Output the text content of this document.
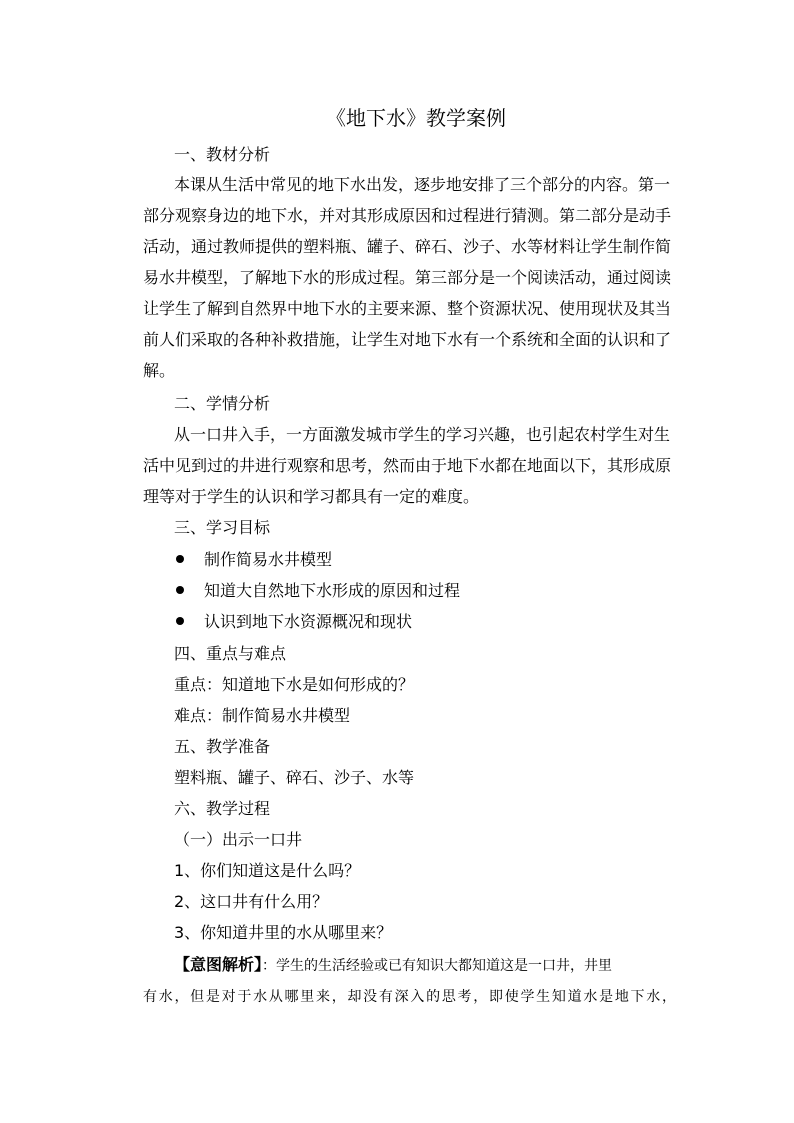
《地下水》教学案例
一、教材分析
本课从生活中常见的地下水出发，逐步地安排了三个部分的内容。第一
部分观察身边的地下水，并对其形成原因和过程进行猜测。第二部分是动手
活动，通过教师提供的塑料瓶、罐子、碎石、沙子、水等材料让学生制作简
易水井模型，了解地下水的形成过程。第三部分是一个阅读活动，通过阅读
让学生了解到自然界中地下水的主要来源、整个资源状况、使用现状及其当
前人们采取的各种补救措施，让学生对地下水有一个系统和全面的认识和了
解。
二、学情分析
从一口井入手，一方面激发城市学生的学习兴趣，也引起农村学生对生
活中见到过的井进行观察和思考，然而由于地下水都在地面以下，其形成原
理等对于学生的认识和学习都具有一定的难度。
三、学习目标
制作简易水井模型
知道大自然地下水形成的原因和过程
认识到地下水资源概况和现状
四、重点与难点
重点：知道地下水是如何形成的？
难点：制作简易水井模型
五、教学准备
塑料瓶、罐子、碎石、沙子、水等
六、教学过程
（一）出示一口井
1、你们知道这是什么吗？
2、这口井有什么用？
3、你知道井里的水从哪里来？
【意图解析】：学生的生活经验或已有知识大都知道这是一口井，井里
有水，但是对于水从哪里来，却没有深入的思考，即使学生知道水是地下水，
